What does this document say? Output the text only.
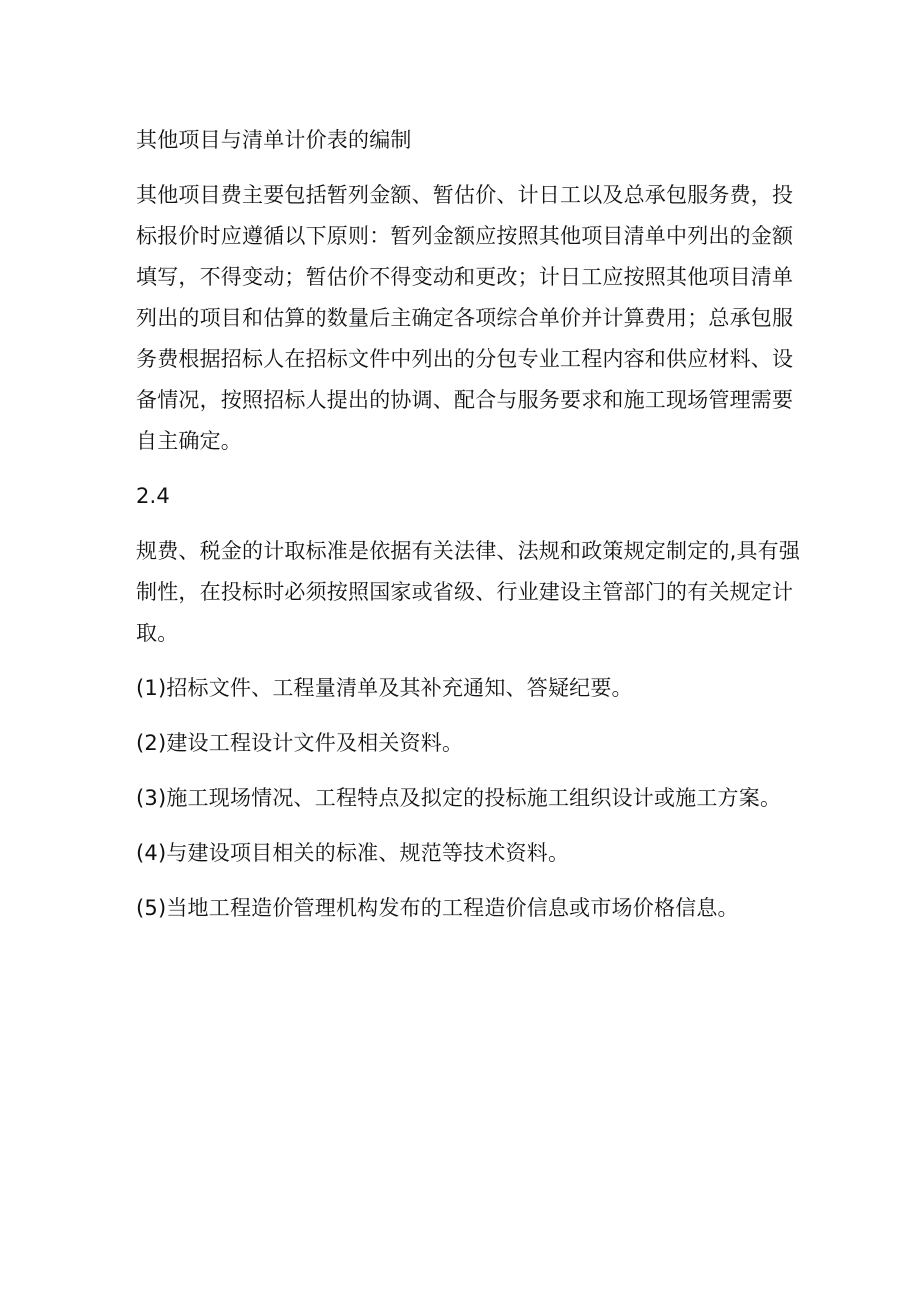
其他项目与清单计价表的编制

其他项目费主要包括暂列金额、暂估价、计日工以及总承包服务费，投标报价时应遵循以下原则：暂列金额应按照其他项目清单中列出的金额填写，不得变动；暂估价不得变动和更改；计日工应按照其他项目清单列出的项目和估算的数量后主确定各项综合单价并计算费用；总承包服务费根据招标人在招标文件中列出的分包专业工程内容和供应材料、设备情况，按照招标人提出的协调、配合与服务要求和施工现场管理需要自主确定。

2.4

规费、税金的计取标准是依据有关法律、法规和政策规定制定的,具有强制性，在投标时必须按照国家或省级、行业建设主管部门的有关规定计取。

(1)招标文件、工程量清单及其补充通知、答疑纪要。

(2)建设工程设计文件及相关资料。

(3)施工现场情况、工程特点及拟定的投标施工组织设计或施工方案。

(4)与建设项目相关的标准、规范等技术资料。

(5)当地工程造价管理机构发布的工程造价信息或市场价格信息。
